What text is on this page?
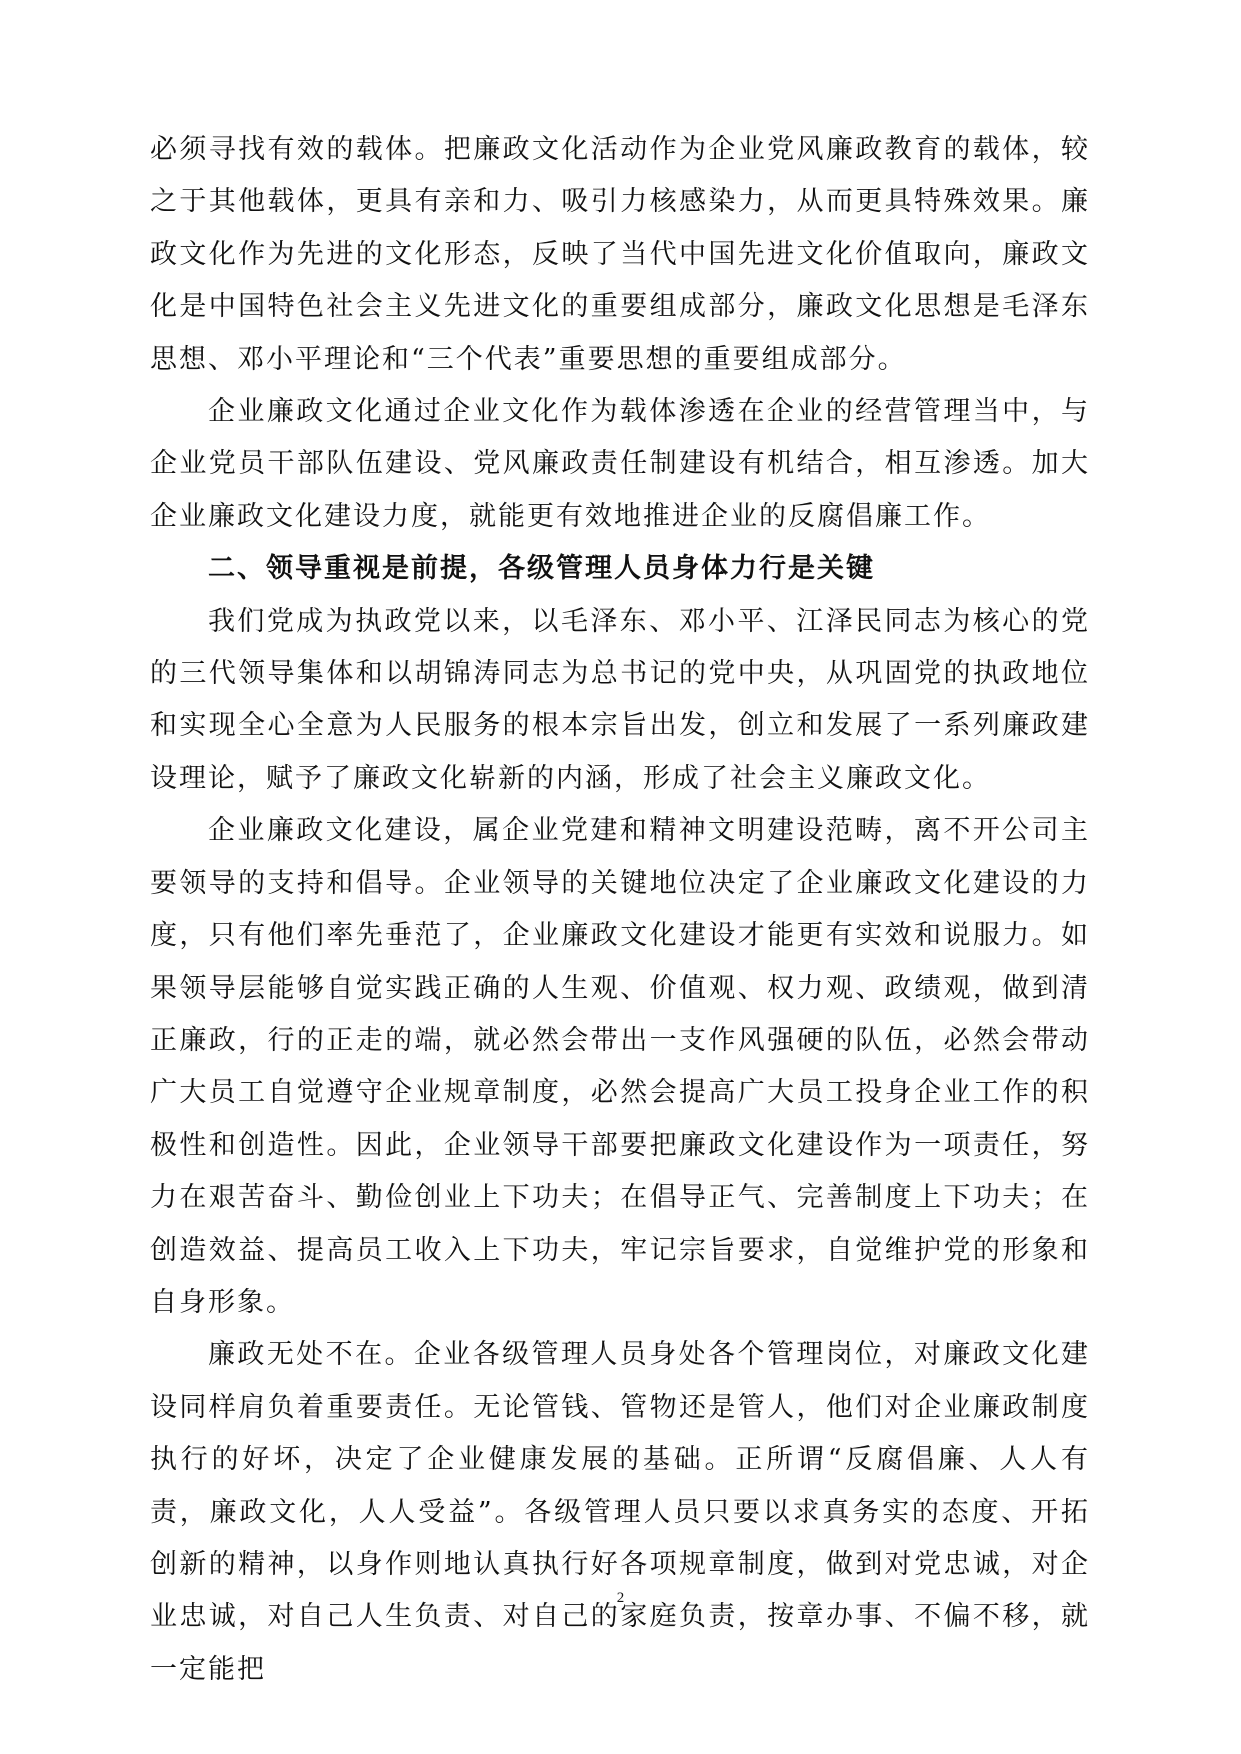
必须寻找有效的载体。把廉政文化活动作为企业党风廉政教育的载体，较之于其他载体，更具有亲和力、吸引力核感染力，从而更具特殊效果。廉政文化作为先进的文化形态，反映了当代中国先进文化价值取向，廉政文化是中国特色社会主义先进文化的重要组成部分，廉政文化思想是毛泽东思想、邓小平理论和“三个代表”重要思想的重要组成部分。

企业廉政文化通过企业文化作为载体渗透在企业的经营管理当中，与企业党员干部队伍建设、党风廉政责任制建设有机结合，相互渗透。加大企业廉政文化建设力度，就能更有效地推进企业的反腐倡廉工作。

二、领导重视是前提，各级管理人员身体力行是关键

我们党成为执政党以来，以毛泽东、邓小平、江泽民同志为核心的党的三代领导集体和以胡锦涛同志为总书记的党中央，从巩固党的执政地位和实现全心全意为人民服务的根本宗旨出发，创立和发展了一系列廉政建设理论，赋予了廉政文化崭新的内涵，形成了社会主义廉政文化。

企业廉政文化建设，属企业党建和精神文明建设范畴，离不开公司主要领导的支持和倡导。企业领导的关键地位决定了企业廉政文化建设的力度，只有他们率先垂范了，企业廉政文化建设才能更有实效和说服力。如果领导层能够自觉实践正确的人生观、价值观、权力观、政绩观，做到清正廉政，行的正走的端，就必然会带出一支作风强硬的队伍，必然会带动广大员工自觉遵守企业规章制度，必然会提高广大员工投身企业工作的积极性和创造性。因此，企业领导干部要把廉政文化建设作为一项责任，努力在艰苦奋斗、勤俭创业上下功夫；在倡导正气、完善制度上下功夫；在创造效益、提高员工收入上下功夫，牢记宗旨要求，自觉维护党的形象和自身形象。

廉政无处不在。企业各级管理人员身处各个管理岗位，对廉政文化建设同样肩负着重要责任。无论管钱、管物还是管人，他们对企业廉政制度执行的好坏，决定了企业健康发展的基础。正所谓“反腐倡廉、人人有责，廉政文化，人人受益”。各级管理人员只要以求真务实的态度、开拓创新的精神，以身作则地认真执行好各项规章制度，做到对党忠诚，对企业忠诚，对自己人生负责、对自己的家庭负责，按章办事、不偏不移，就一定能把

2
